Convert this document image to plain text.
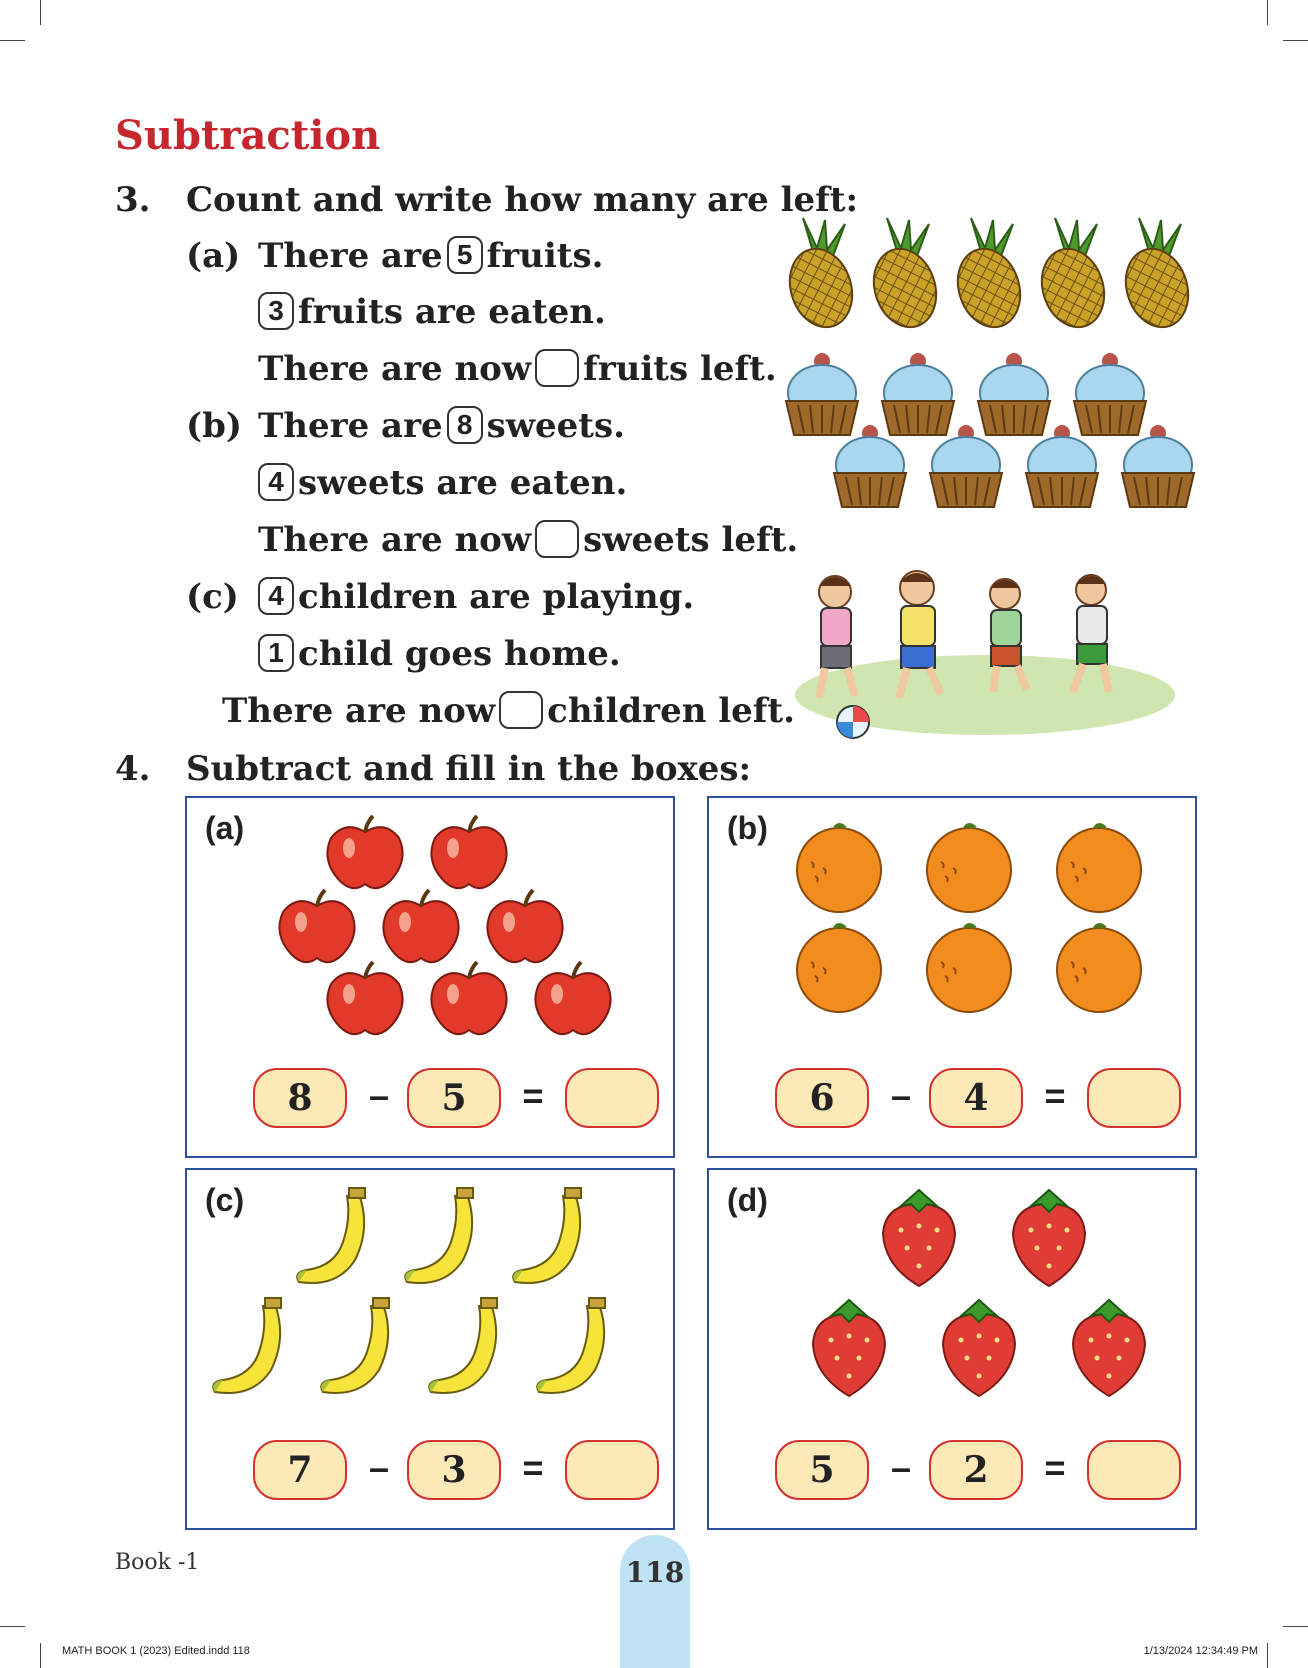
Subtraction
3. Count and write how many are left:
(a) There are 5 fruits.
3 fruits are eaten.
There are now fruits left.
(b) There are 8 sweets.
4 sweets are eaten.
There are now sweets left.
(c)	4 children are playing.
1 child goes home.
There are now children left.
4. Subtract and fill in the boxes:
(a)
8	–	5	=
(b)
6	–	4	=
(c)
7	–	3	=
(d)
5	–	2	=
Book -1	118
MATH BOOK 1 (2023) Edited.indd 118	1/13/2024 12:34:49 PM
